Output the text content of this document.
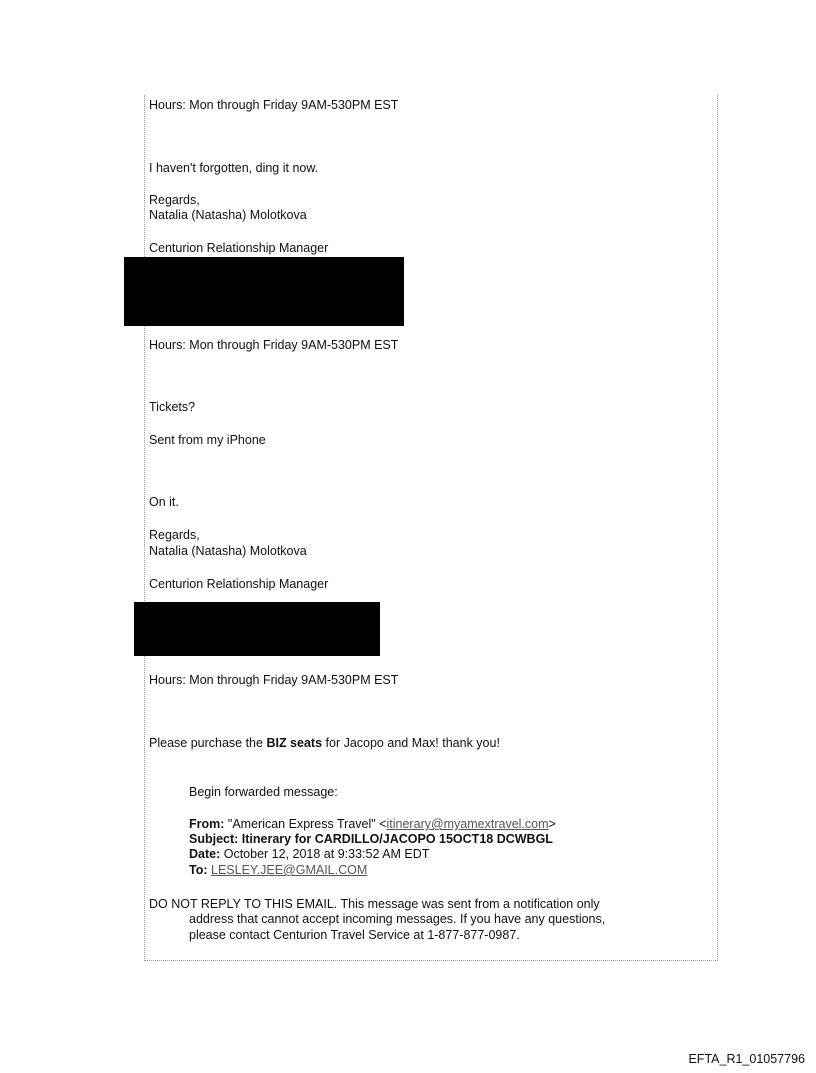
Hours: Mon through Friday 9AM-530PM EST

I haven't forgotten, ding it now.

Regards,

Natalia (Natasha) Molotkova

Centurion Relationship Manager

Hours: Mon through Friday 9AM-530PM EST

Tickets?

Sent from my iPhone

On it.

Regards,

Natalia (Natasha) Molotkova

Centurion Relationship Manager

Hours: Mon through Friday 9AM-530PM EST

Please purchase the BIZ seats for Jacopo and Max! thank you!

Begin forwarded message:

From: "American Express Travel" <itinerary@myamextravel.com>

Subject: Itinerary for CARDILLO/JACOPO 15OCT18 DCWBGL

Date: October 12, 2018 at 9:33:52 AM EDT

To: LESLEY.JEE@GMAIL.COM

DO NOT REPLY TO THIS EMAIL. This message was sent from a notification only

address that cannot accept incoming messages. If you have any questions,

please contact Centurion Travel Service at 1-877-877-0987.

EFTA_R1_01057796
